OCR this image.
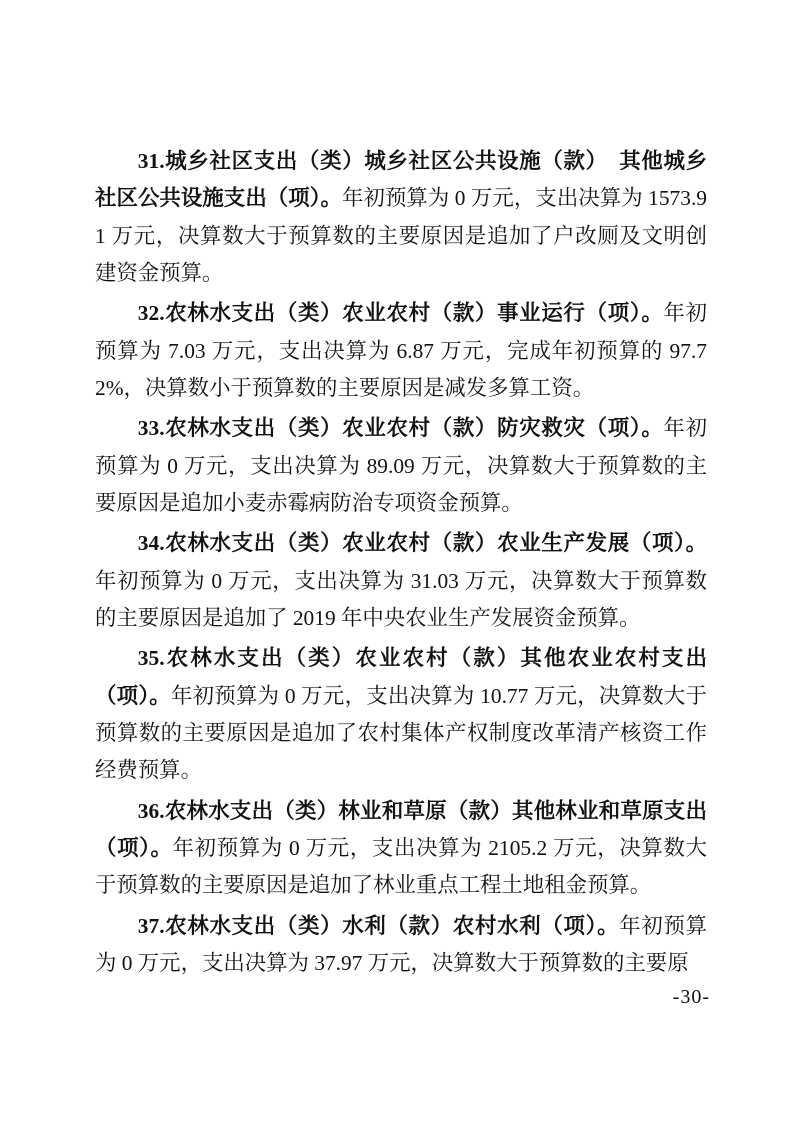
31.城乡社区支出（类）城乡社区公共设施（款）　其他城乡社区公共设施支出（项）。年初预算为 0 万元，支出决算为 1573.91 万元，决算数大于预算数的主要原因是追加了户改厕及文明创建资金预算。

32.农林水支出（类）农业农村（款）事业运行（项）。年初预算为 7.03 万元，支出决算为 6.87 万元，完成年初预算的 97.72%，决算数小于预算数的主要原因是减发多算工资。

33.农林水支出（类）农业农村（款）防灾救灾（项）。年初预算为 0 万元，支出决算为 89.09 万元，决算数大于预算数的主要原因是追加小麦赤霉病防治专项资金预算。

34.农林水支出（类）农业农村（款）农业生产发展（项）。年初预算为 0 万元，支出决算为 31.03 万元，决算数大于预算数的主要原因是追加了 2019 年中央农业生产发展资金预算。

35.农林水支出（类）农业农村（款）其他农业农村支出（项）。年初预算为 0 万元，支出决算为 10.77 万元，决算数大于预算数的主要原因是追加了农村集体产权制度改革清产核资工作经费预算。

36.农林水支出（类）林业和草原（款）其他林业和草原支出（项）。年初预算为 0 万元，支出决算为 2105.2 万元，决算数大于预算数的主要原因是追加了林业重点工程土地租金预算。

37.农林水支出（类）水利（款）农村水利（项）。年初预算为 0 万元，支出决算为 37.97 万元，决算数大于预算数的主要原

-30-
